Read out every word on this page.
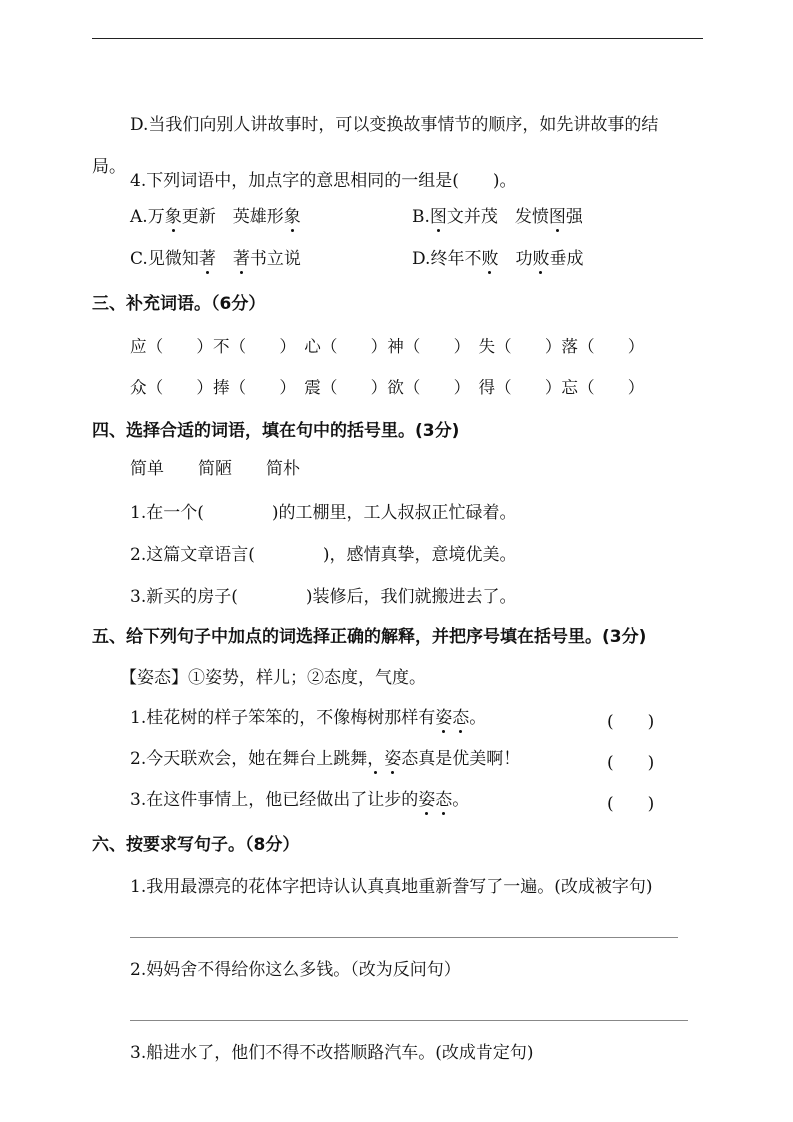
D.当我们向别人讲故事时，可以变换故事情节的顺序，如先讲故事的结
局。
4.下列词语中，加点字的意思相同的一组是(　　)。
A.万象更新　 英雄形象	B.图文并茂　 发愤图强
C.见微知著　 著书立说	D.终年不败　 功败垂成
三、补充词语。（6分）
应（　　）不（　　）　心（　　）神（　　）　失（　　）落（　　）
众（　　）捧（　　）　震（　　）欲（　　）　得（　　）忘（　　）
四、选择合适的词语，填在句中的括号里。(3分)
简单　　简陋　　简朴
1.在一个(　　　　)的工棚里，工人叔叔正忙碌着。
2.这篇文章语言(　　　　)，感情真挚，意境优美。
3.新买的房子(　　　　)装修后，我们就搬进去了。
五、给下列句子中加点的词选择正确的解释，并把序号填在括号里。(3分)
【姿态】①姿势，样儿；②态度，气度。
1.桂花树的样子笨笨的，不像梅树那样有姿态。	(　　)
2.今天联欢会，她在舞台上跳舞，姿态真是优美啊！	(　　)
3.在这件事情上，他已经做出了让步的姿态。	(　　)
六、按要求写句子。（8分）
1.我用最漂亮的花体字把诗认认真真地重新誊写了一遍。(改成被字句)
2.妈妈舍不得给你这么多钱。（改为反问句）
3.船进水了，他们不得不改搭顺路汽车。(改成肯定句)
